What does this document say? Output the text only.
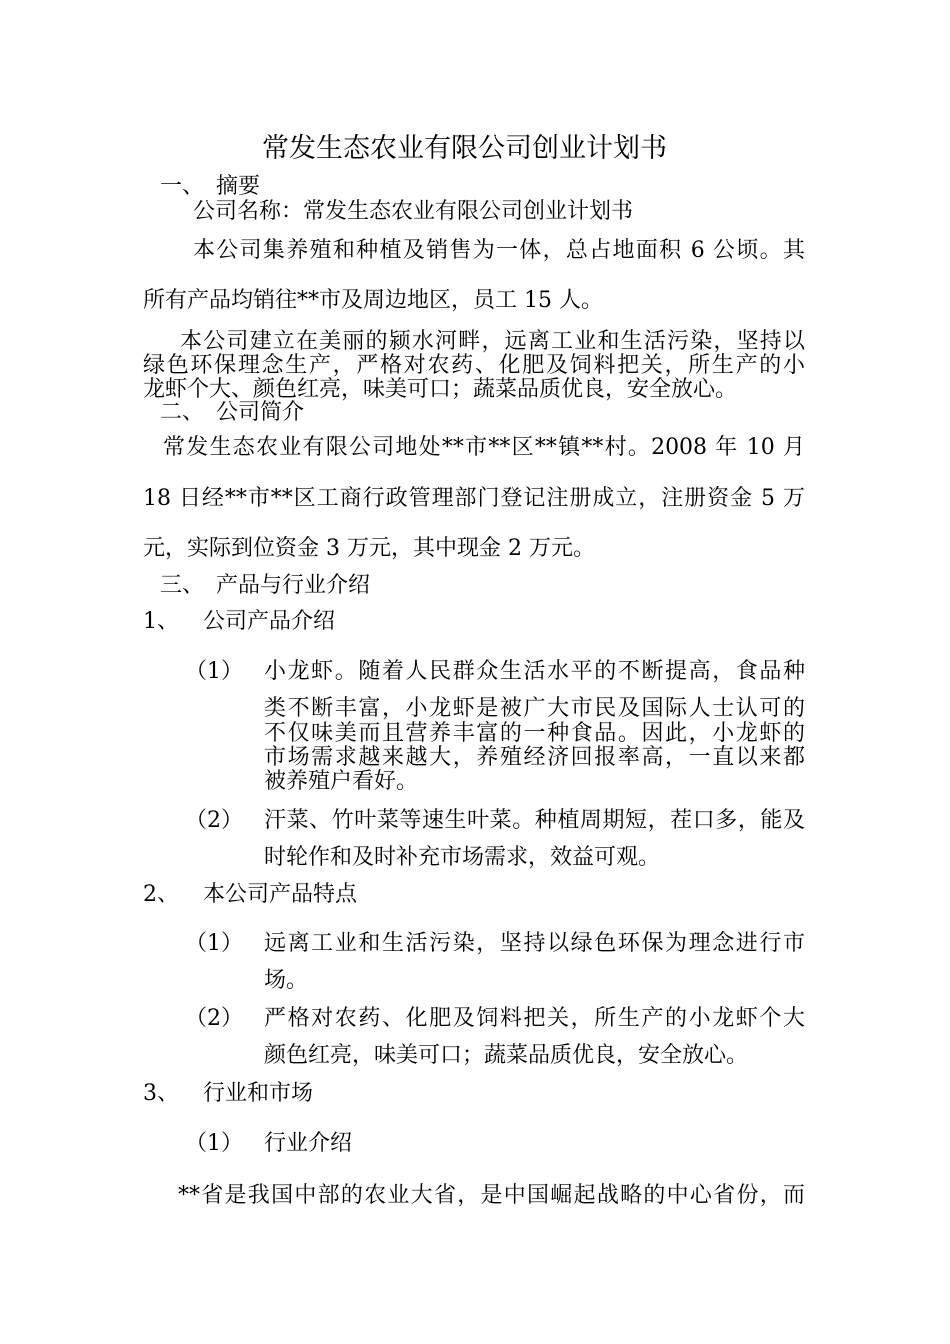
常发生态农业有限公司创业计划书
一、 摘要
公司名称：常发生态农业有限公司创业计划书
本公司集养殖和种植及销售为一体，总占地面积 6 公顷。其
所有产品均销往**市及周边地区，员工 15 人。
本公司建立在美丽的颍水河畔，远离工业和生活污染，坚持以
绿色环保理念生产，严格对农药、化肥及饲料把关，所生产的小
龙虾个大、颜色红亮，味美可口；蔬菜品质优良，安全放心。
二、 公司简介
常发生态农业有限公司地处**市**区**镇**村。2008 年 10 月
18 日经**市**区工商行政管理部门登记注册成立，注册资金 5 万
元，实际到位资金 3 万元，其中现金 2 万元。
三、 产品与行业介绍
1、 公司产品介绍
（1） 小龙虾。随着人民群众生活水平的不断提高，食品种
类不断丰富，小龙虾是被广大市民及国际人士认可的
不仅味美而且营养丰富的一种食品。因此，小龙虾的
市场需求越来越大，养殖经济回报率高，一直以来都
被养殖户看好。
（2） 汗菜、竹叶菜等速生叶菜。种植周期短，茬口多，能及
时轮作和及时补充市场需求，效益可观。
2、 本公司产品特点
（1） 远离工业和生活污染，坚持以绿色环保为理念进行市
场。
（2） 严格对农药、化肥及饲料把关，所生产的小龙虾个大
颜色红亮，味美可口；蔬菜品质优良，安全放心。
3、 行业和市场
（1） 行业介绍
**省是我国中部的农业大省，是中国崛起战略的中心省份，而
